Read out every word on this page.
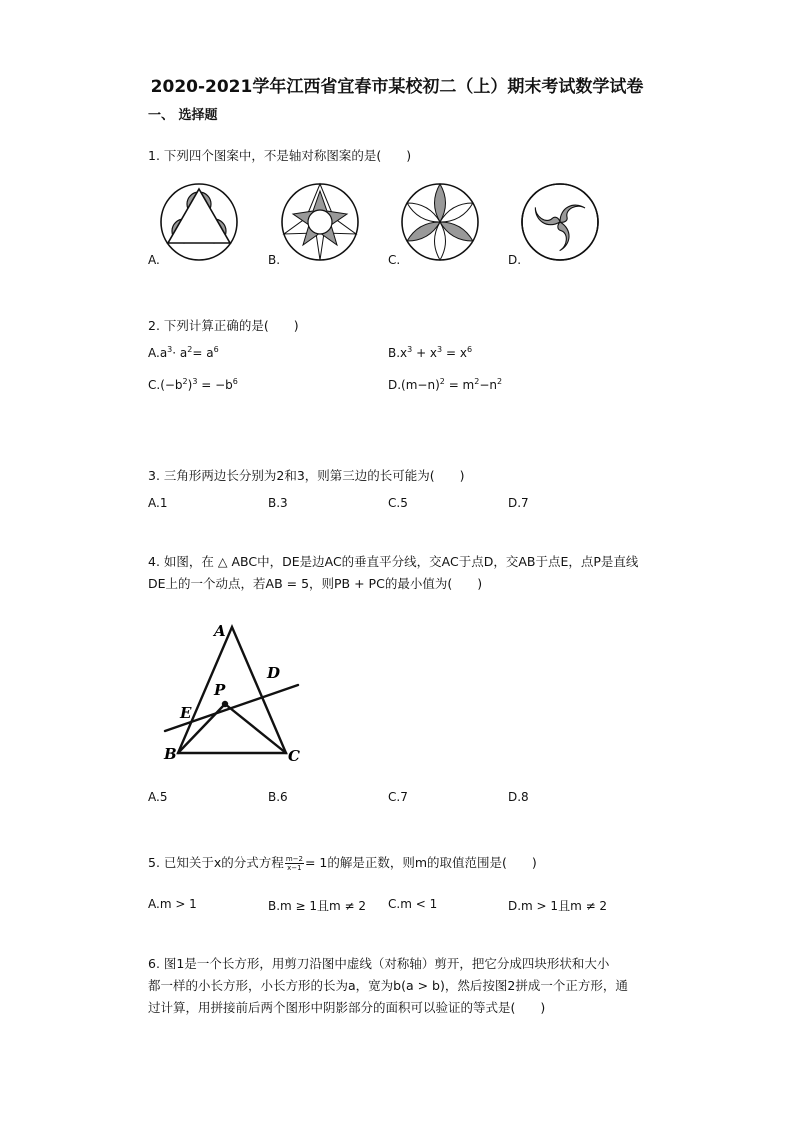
2020-2021学年江西省宜春市某校初二（上）期末考试数学试卷
一、 选择题
1. 下列四个图案中，不是轴对称图案的是(　　)
A.	B.	C.	D.
2. 下列计算正确的是(　　)
$A.a^3\cdot a^2= a^6$	$B.x^3 + x^3 = x^6$
$C.(-b^2)^3 = -b^6$	$D.(m-n)^2 = m^2-n^2$
3. 三角形两边长分别为2和3，则第三边的长可能为(　　)
A.1	B.3	C.5	D.7
4. 如图，在 △ ABC中，DE是边AC的垂直平分线，交AC于点D，交AB于点E，点P是直线
DE上的一个动点，若AB = 5，则PB + PC的最小值为(　　)
A
B	C
D
E
P
A.5	B.6	C.7	D.8
5. 已知关于x的分式方程 $\frac{m-2}{x-1} = 1$的解是正数，则m的取值范围是(　　)
A.m > 1	B.m ≥ 1且m ≠ 2 C.m < 1	D.m > 1且m ≠ 2
6. 图1是一个长方形，用剪刀沿图中虚线（对称轴）剪开，把它分成四块形状和大小
都一样的小长方形，小长方形的长为a，宽为b(a > b)，然后按图2拼成一个正方形，通
过计算，用拼接前后两个图形中阴影部分的面积可以验证的等式是(　　)
